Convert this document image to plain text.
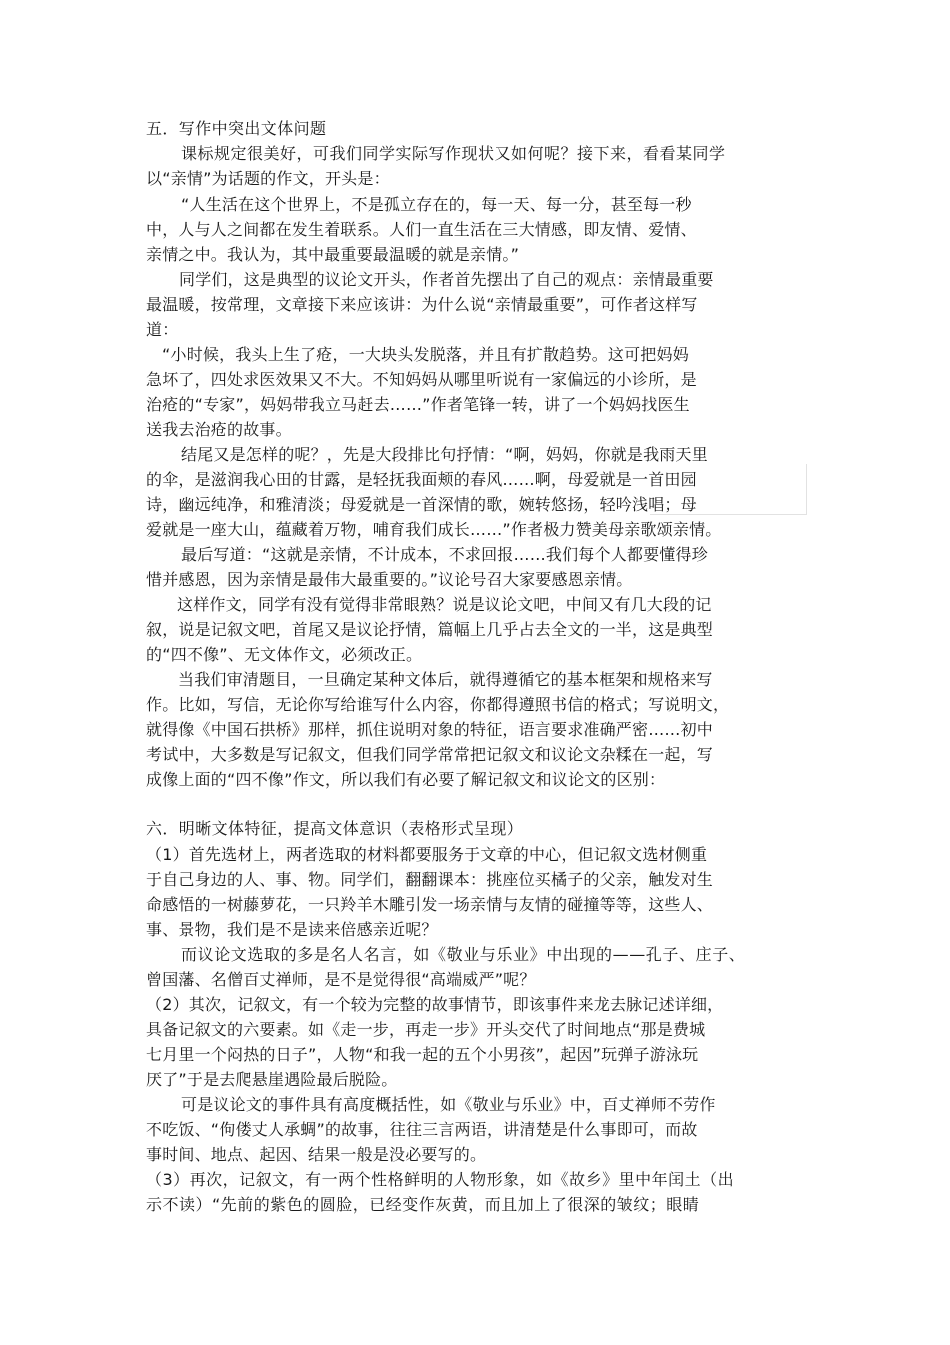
五．写作中突出文体问题
课标规定很美好，可我们同学实际写作现状又如何呢？接下来，看看某同学
以“亲情”为话题的作文，开头是：
“人生活在这个世界上，不是孤立存在的，每一天、每一分，甚至每一秒
中，人与人之间都在发生着联系。人们一直生活在三大情感，即友情、爱情、
亲情之中。我认为，其中最重要最温暖的就是亲情。”
同学们，这是典型的议论文开头，作者首先摆出了自己的观点：亲情最重要
最温暖，按常理，文章接下来应该讲：为什么说“亲情最重要”，可作者这样写
道：
“小时候，我头上生了疮，一大块头发脱落，并且有扩散趋势。这可把妈妈
急坏了，四处求医效果又不大。不知妈妈从哪里听说有一家偏远的小诊所，是
治疮的“专家”，妈妈带我立马赶去……”作者笔锋一转，讲了一个妈妈找医生
送我去治疮的故事。
结尾又是怎样的呢？，先是大段排比句抒情：“啊，妈妈，你就是我雨天里
的伞，是滋润我心田的甘露，是轻抚我面颊的春风……啊，母爱就是一首田园
诗，幽远纯净，和雅清淡；母爱就是一首深情的歌，婉转悠扬，轻吟浅唱；母
爱就是一座大山，蕴藏着万物，哺育我们成长……”作者极力赞美母亲歌颂亲情。
最后写道：“这就是亲情，不计成本，不求回报……我们每个人都要懂得珍
惜并感恩，因为亲情是最伟大最重要的。”议论号召大家要感恩亲情。
这样作文，同学有没有觉得非常眼熟？说是议论文吧，中间又有几大段的记
叙，说是记叙文吧，首尾又是议论抒情，篇幅上几乎占去全文的一半，这是典型
的“四不像”、无文体作文，必须改正。
当我们审清题目，一旦确定某种文体后，就得遵循它的基本框架和规格来写
作。比如，写信，无论你写给谁写什么内容，你都得遵照书信的格式；写说明文，
就得像《中国石拱桥》那样，抓住说明对象的特征，语言要求准确严密……初中
考试中，大多数是写记叙文，但我们同学常常把记叙文和议论文杂糅在一起，写
成像上面的“四不像”作文，所以我们有必要了解记叙文和议论文的区别：
六．明晰文体特征，提高文体意识（表格形式呈现）
（1）首先选材上，两者选取的材料都要服务于文章的中心，但记叙文选材侧重
于自己身边的人、事、物。同学们，翻翻课本：挑座位买橘子的父亲，触发对生
命感悟的一树藤萝花，一只羚羊木雕引发一场亲情与友情的碰撞等等，这些人、
事、景物，我们是不是读来倍感亲近呢？
而议论文选取的多是名人名言，如《敬业与乐业》中出现的——孔子、庄子、
曾国藩、名僧百丈禅师，是不是觉得很“高端威严”呢？
（2）其次，记叙文，有一个较为完整的故事情节，即该事件来龙去脉记述详细，
具备记叙文的六要素。如《走一步，再走一步》开头交代了时间地点“那是费城
七月里一个闷热的日子”，人物“和我一起的五个小男孩”，起因”玩弹子游泳玩
厌了”于是去爬悬崖遇险最后脱险。
可是议论文的事件具有高度概括性，如《敬业与乐业》中，百丈禅师不劳作
不吃饭、“佝偻丈人承蜩”的故事，往往三言两语，讲清楚是什么事即可，而故
事时间、地点、起因、结果一般是没必要写的。
（3）再次，记叙文，有一两个性格鲜明的人物形象，如《故乡》里中年闰土（出
示不读）“先前的紫色的圆脸，已经变作灰黄，而且加上了很深的皱纹；眼睛
